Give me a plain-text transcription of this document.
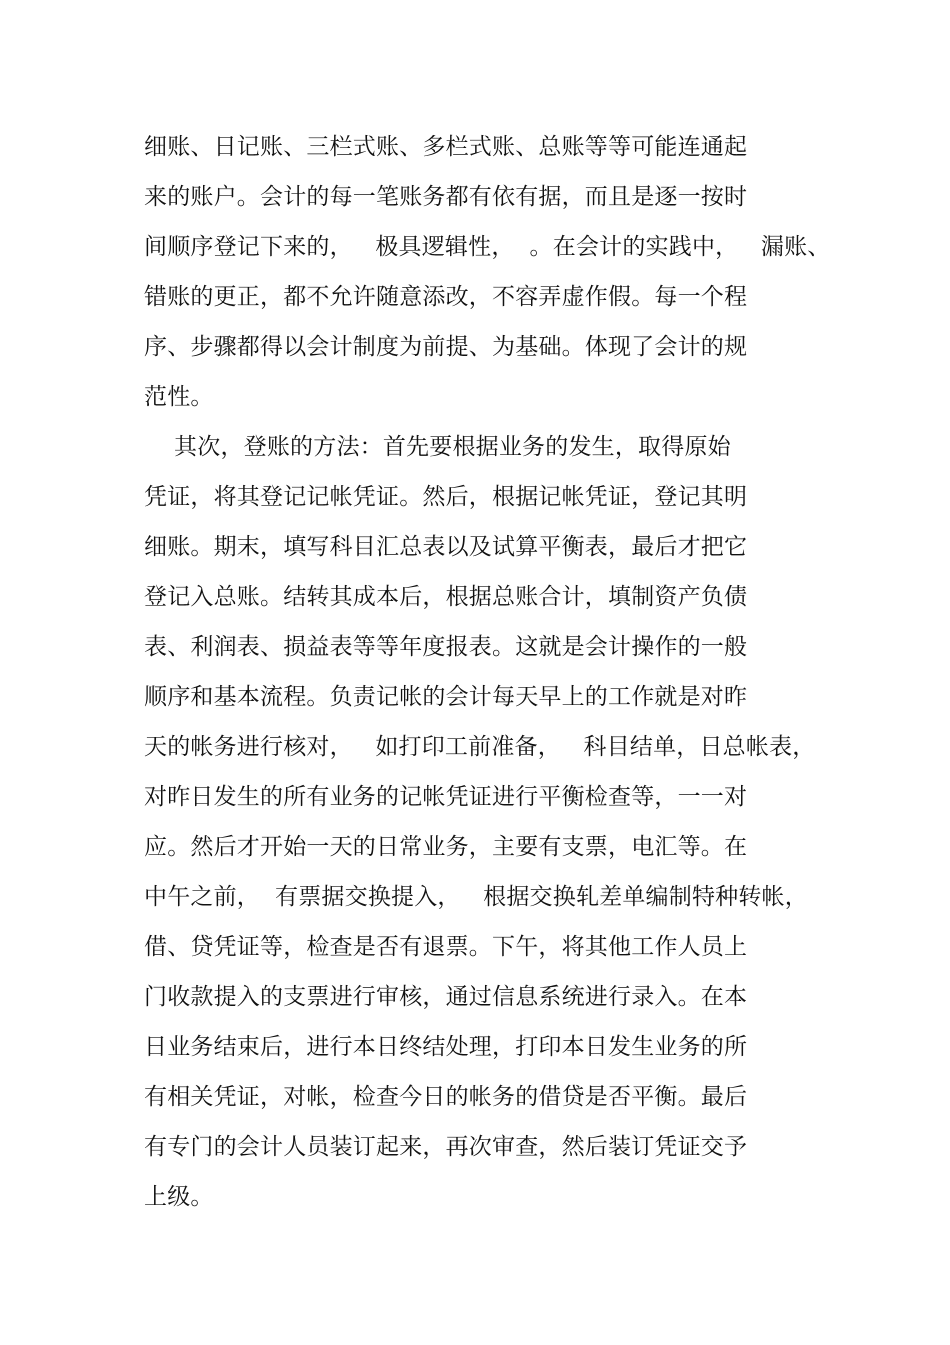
细账、日记账、三栏式账、多栏式账、总账等等可能连通起
来的账户。会计的每一笔账务都有依有据，而且是逐一按时
间顺序登记下来的，   极具逻辑性，  。在会计的实践中，   漏账、
错账的更正，都不允许随意添改，不容弄虚作假。每一个程
序、步骤都得以会计制度为前提、为基础。体现了会计的规
范性。
其次，登账的方法：首先要根据业务的发生，取得原始
凭证，将其登记记帐凭证。然后，根据记帐凭证，登记其明
细账。期末，填写科目汇总表以及试算平衡表，最后才把它
登记入总账。结转其成本后，根据总账合计，填制资产负债
表、利润表、损益表等等年度报表。这就是会计操作的一般
顺序和基本流程。负责记帐的会计每天早上的工作就是对昨
天的帐务进行核对，   如打印工前准备，   科目结单，日总帐表，
对昨日发生的所有业务的记帐凭证进行平衡检查等，一一对
应。然后才开始一天的日常业务，主要有支票，电汇等。在
中午之前，  有票据交换提入，   根据交换轧差单编制特种转帐，
借、贷凭证等，检查是否有退票。下午，将其他工作人员上
门收款提入的支票进行审核，通过信息系统进行录入。在本
日业务结束后，进行本日终结处理，打印本日发生业务的所
有相关凭证，对帐，检查今日的帐务的借贷是否平衡。最后
有专门的会计人员装订起来，再次审查，然后装订凭证交予
上级。
